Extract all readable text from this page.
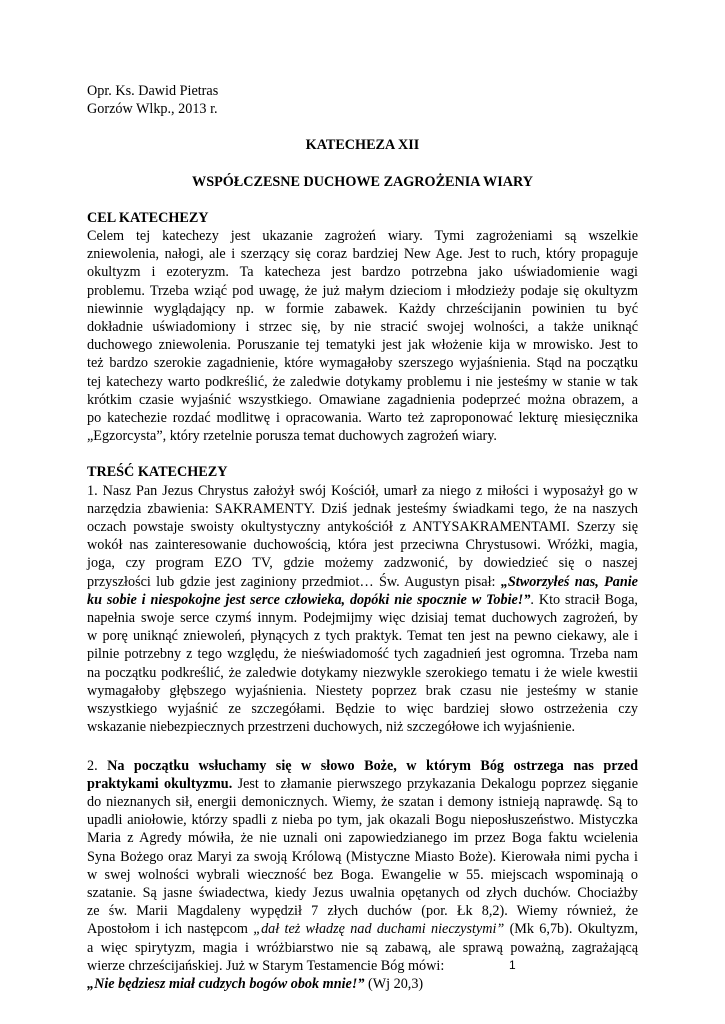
Opr. Ks. Dawid Pietras
Gorzów Wlkp., 2013 r.
KATECHEZA XII
WSPÓŁCZESNE DUCHOWE ZAGROŻENIA WIARY
CEL KATECHEZY
Celem tej katechezy jest ukazanie zagrożeń wiary. Tymi zagrożeniami są wszelkie
zniewolenia, nałogi, ale i szerzący się coraz bardziej New Age. Jest to ruch, który propaguje
okultyzm i ezoteryzm. Ta katecheza jest bardzo potrzebna jako uświadomienie wagi
problemu. Trzeba wziąć pod uwagę, że już małym dzieciom i młodzieży podaje się okultyzm
niewinnie wyglądający np. w formie zabawek. Każdy chrześcijanin powinien tu być
dokładnie uświadomiony i strzec się, by nie stracić swojej wolności, a także uniknąć
duchowego zniewolenia. Poruszanie tej tematyki jest jak włożenie kija w mrowisko. Jest to
też bardzo szerokie zagadnienie, które wymagałoby szerszego wyjaśnienia. Stąd na początku
tej katechezy warto podkreślić, że zaledwie dotykamy problemu i nie jesteśmy w stanie w tak
krótkim czasie wyjaśnić wszystkiego. Omawiane zagadnienia podeprzeć można obrazem, a
po katechezie rozdać modlitwę i opracowania. Warto też zaproponować lekturę miesięcznika
„Egzorcysta”, który rzetelnie porusza temat duchowych zagrożeń wiary.
TREŚĆ KATECHEZY
1. Nasz Pan Jezus Chrystus założył swój Kościół, umarł za niego z miłości i wyposażył go w
narzędzia zbawienia: SAKRAMENTY. Dziś jednak jesteśmy świadkami tego, że na naszych
oczach powstaje swoisty okultystyczny antykościół z ANTYSAKRAMENTAMI. Szerzy się
wokół nas zainteresowanie duchowością, która jest przeciwna Chrystusowi. Wróżki, magia,
joga, czy program EZO TV, gdzie możemy zadzwonić, by dowiedzieć się o naszej
przyszłości lub gdzie jest zaginiony przedmiot… Św. Augustyn pisał: „Stworzyłeś nas, Panie
ku sobie i niespokojne jest serce człowieka, dopóki nie spocznie w Tobie!”. Kto stracił Boga,
napełnia swoje serce czymś innym. Podejmijmy więc dzisiaj temat duchowych zagrożeń, by
w porę uniknąć zniewoleń, płynących z tych praktyk. Temat ten jest na pewno ciekawy, ale i
pilnie potrzebny z tego względu, że nieświadomość tych zagadnień jest ogromna. Trzeba nam
na początku podkreślić, że zaledwie dotykamy niezwykle szerokiego tematu i że wiele kwestii
wymagałoby głębszego wyjaśnienia. Niestety poprzez brak czasu nie jesteśmy w stanie
wszystkiego wyjaśnić ze szczegółami. Będzie to więc bardziej słowo ostrzeżenia czy
wskazanie niebezpiecznych przestrzeni duchowych, niż szczegółowe ich wyjaśnienie.
2. Na początku wsłuchamy się w słowo Boże, w którym Bóg ostrzega nas przed
praktykami okultyzmu. Jest to złamanie pierwszego przykazania Dekalogu poprzez sięganie
do nieznanych sił, energii demonicznych. Wiemy, że szatan i demony istnieją naprawdę. Są to
upadli aniołowie, którzy spadli z nieba po tym, jak okazali Bogu nieposłuszeństwo. Mistyczka
Maria z Agredy mówiła, że nie uznali oni zapowiedzianego im przez Boga faktu wcielenia
Syna Bożego oraz Maryi za swoją Królową (Mistyczne Miasto Boże). Kierowała nimi pycha i
w swej wolności wybrali wieczność bez Boga. Ewangelie w 55. miejscach wspominają o
szatanie. Są jasne świadectwa, kiedy Jezus uwalnia opętanych od złych duchów. Chociażby
ze św. Marii Magdaleny wypędził 7 złych duchów (por. Łk 8,2). Wiemy również, że
Apostołom i ich następcom „dał też władzę nad duchami nieczystymi” (Mk 6,7b). Okultyzm,
a więc spirytyzm, magia i wróżbiarstwo nie są zabawą, ale sprawą poważną, zagrażającą
wierze chrześcijańskiej. Już w Starym Testamencie Bóg mówi:
„Nie będziesz miał cudzych bogów obok mnie!” (Wj 20,3)
1
